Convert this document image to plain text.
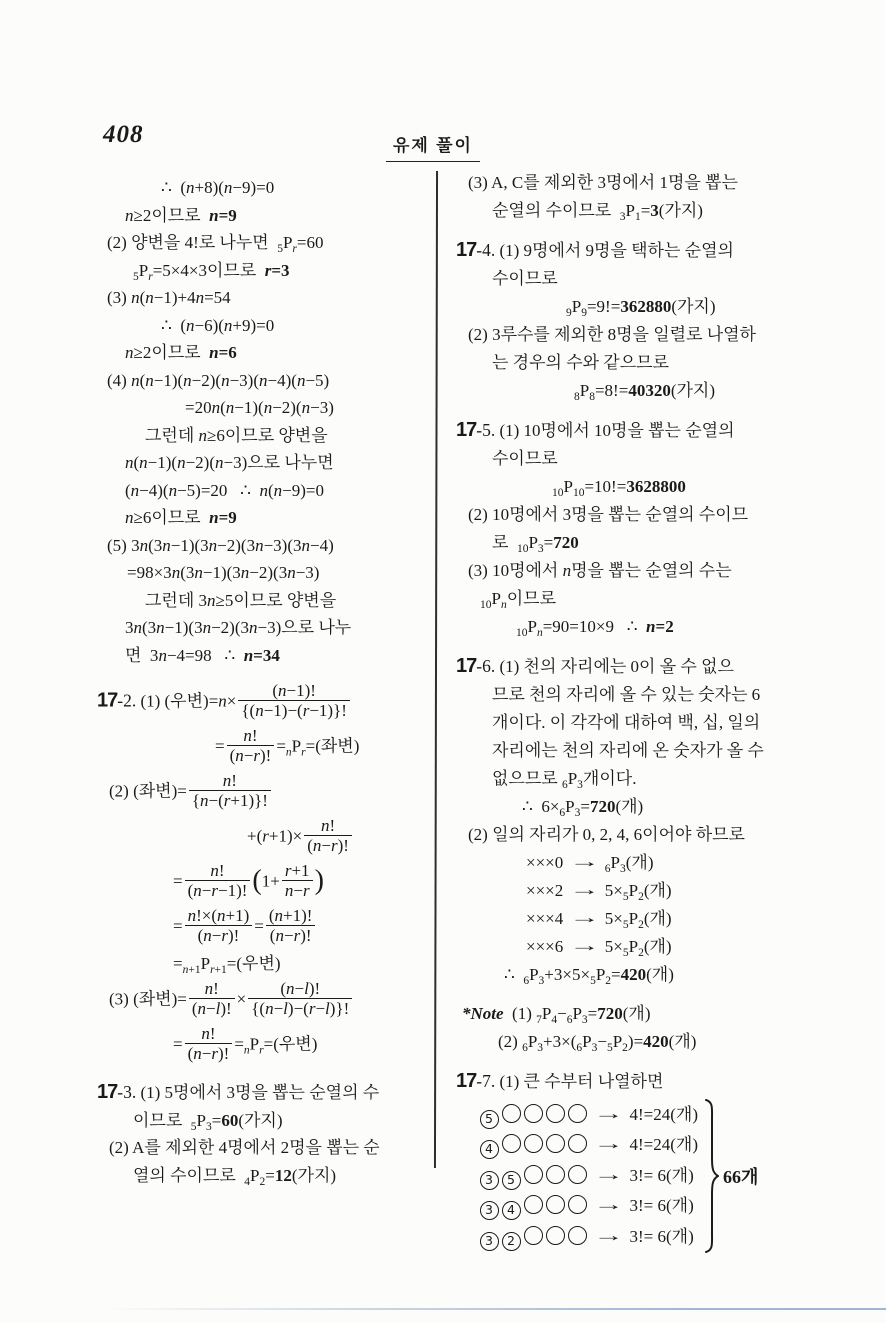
408	유제 풀이
∴  (n+8)(n−9)=0
n≥2이므로  n=9
(2) 양변을 4!로 나누면  $_5P_r=60$
$_5P_r=5\times 4\times 3$이므로  r=3
(3) n(n−1)+4n=54
∴  (n−6)(n+9)=0
n≥2이므로  n=6
(4) n(n−1)(n−2)(n−3)(n−4)(n−5)
=20n(n−1)(n−2)(n−3)
그런데 n≥6이므로 양변을
n(n−1)(n−2)(n−3)으로 나누면
(n−4)(n−5)=20   ∴  n(n−9)=0
n≥6이므로  n=9
(5) 3n(3n−1)(3n−2)(3n−3)(3n−4)
=98×3n(3n−1)(3n−2)(3n−3)
그런데 3n≥5이므로 양변을
3n(3n−1)(3n−2)(3n−3)으로 나누
면  3n−4=98   ∴  n=34
17-2. (1) (우변)$=n\times \frac{(n-1)!}{\{(n-1)-(r-1)\}!}$
= $\frac{n!}{(n-r)!} =_nP_r=$(좌변)
(2) (좌변)= $\frac{n!}{\{n-(r+1)\}!}$
$+(r+1)\times \frac{n!}{(n-r)!}$
= $\frac{n!}{(n-r-1)!} (1+ \frac{r+1}{n-r}$ )
= $\frac{n!\times(n+1)}{(n-r)!} = \frac{(n+1)!}{(n-r)!}$
$=_{n+1}P_{r+1}=$(우변)
(3) (좌변)= $\frac{n!}{(n-l)!} \times \frac{(n-l)!}{\{(n-l)-(r-l)\}!}$
= $\frac{n!}{(n-r)!} =_nP_r=$(우변)
17-3. (1) 5명에서 3명을 뽑는 순열의 수
이므로  $_5P_3=60$(가지)
(2) A를 제외한 4명에서 2명을 뽑는 순
열의 수이므로  $_4P_2=12$(가지)
(3) A, C를 제외한 3명에서 1명을 뽑는
순열의 수이므로  $_3P_1=3$(가지)
17-4. (1) 9명에서 9명을 택하는 순열의
수이므로
$_9P_9=9!=362880$(가지)
(2) 3루수를 제외한 8명을 일렬로 나열하
는 경우의 수와 같으므로
$_8P_8=8!=40320$(가지)
17-5. (1) 10명에서 10명을 뽑는 순열의
수이므로
$_{10}P_{10}=10!=3628800$
(2) 10명에서 3명을 뽑는 순열의 수이므
로  $_{10}P_3=720$
(3) 10명에서 n명을 뽑는 순열의 수는
$_{10}P_n$이므로
$_{10}P_n=90=10\times 9$   ∴  n=2
17-6. (1) 천의 자리에는 0이 올 수 없으
므로 천의 자리에 올 수 있는 숫자는 6
개이다. 이 각각에 대하여 백, 십, 일의
자리에는 천의 자리에 온 숫자가 올 수
없으므로 $_6P_3$개이다.
∴  $6\times_6P_3=720$(개)
(2) 일의 자리가 0, 2, 4, 6이어야 하므로
$\times\times\times 0 \to _6P_3$(개)
$\times\times\times 2 \to 5\times_5P_2$(개)
$\times\times\times 4 \to 5\times_5P_2$(개)
$\times\times\times 6 \to 5\times_5P_2$(개)
∴  $_6P_3+3\times 5\times_5P_2=420$(개)
*Note  (1) $_7P_4-_6P_3=720$(개)
(2) $_6P_3+3\times(_6P_3-_5P_2)=420$(개)
17-7. (1) 큰 수부터 나열하면
5	→ 4!=24(개)
4	→ 4!=24(개)
3 5	→ 3!= 6(개)
3 4	→ 3!= 6(개)
3 2	→ 3!= 6(개)
66개
